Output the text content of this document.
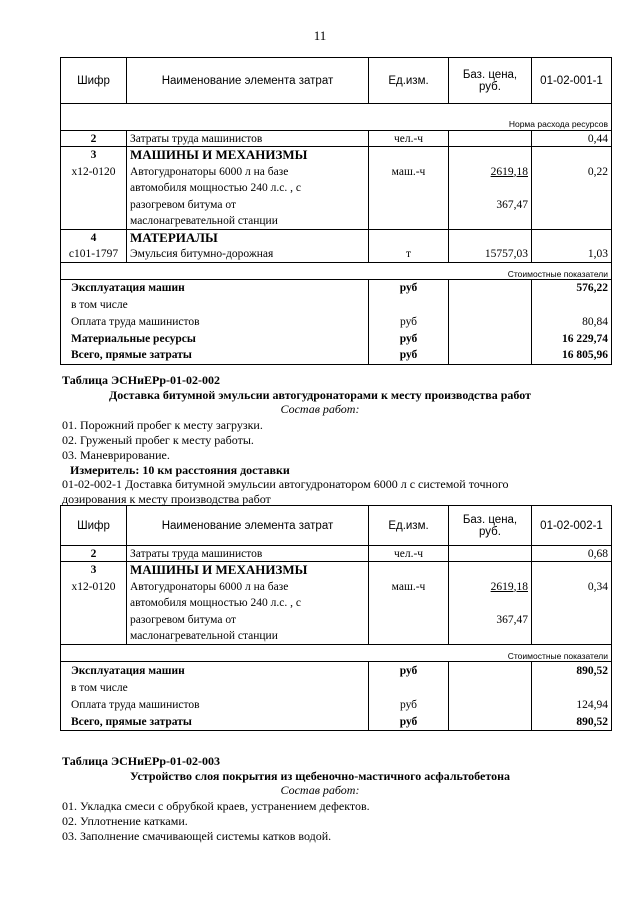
11
Шифр	Наименование элемента затрат	Ед.изм.	Баз. цена,
руб.	01-02-001-1

Норма расхода ресурсов				
2	Затраты труда машинистов	чел.-ч		0,44
3	МАШИНЫ И МЕХАНИЗМЫ			
х12-0120	Автогудронаторы 6000 л на базе	маш.-ч	2619,18	0,22
	автомобиля мощностью 240 л.с. , с			
	разогревом битума от		367,47	
	маслонагревательной станции			
4	МАТЕРИАЛЫ			
с101-1797	Эмульсия битумно-дорожная	т	15757,03	1,03
Стоимостные показатели				
Эксплуатация машин		руб		576,22
в том числе				
Оплата труда машинистов		руб		80,84
Материальные ресурсы		руб		16 229,74
Всего, прямые затраты		руб		16 805,96
Таблица ЭСНиЕРр-01-02-002
Доставка битумной эмульсии автогудронаторами к месту производства работ
Состав работ:
01. Порожний пробег к месту загрузки.
02. Груженый пробег к месту работы.
03. Маневрирование.
Измеритель: 10 км расстояния доставки
01-02-002-1 Доставка битумной эмульсии автогудронатором 6000 л с системой точного
дозирования к месту производства работ
Шифр	Наименование элемента затрат	Ед.изм.	Баз. цена,
руб.	01-02-002-1
2	Затраты труда машинистов	чел.-ч		0,68
3	МАШИНЫ И МЕХАНИЗМЫ			
х12-0120	Автогудронаторы 6000 л на базе	маш.-ч	2619,18	0,34
	автомобиля мощностью 240 л.с. , с			
	разогревом битума от		367,47	
	маслонагревательной станции			
Стоимостные показатели				
Эксплуатация машин		руб		890,52
в том числе				
Оплата труда машинистов		руб		124,94
Всего, прямые затраты		руб		890,52
Таблица ЭСНиЕРр-01-02-003
Устройство слоя покрытия из щебеночно-мастичного асфальтобетона
Состав работ:
01. Укладка смеси с обрубкой краев, устранением дефектов.
02. Уплотнение катками.
03. Заполнение смачивающей системы катков водой.
